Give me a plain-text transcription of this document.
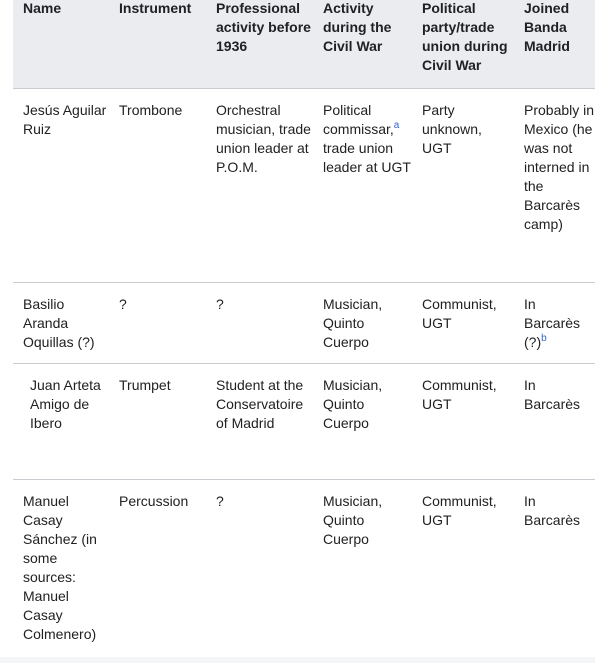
Name	Instrument	Professional activity before 1936	Activity during the Civil War	Political party/trade union during Civil War	Joined Banda Madrid
Jesús Aguilar Ruiz	Trombone	Orchestral musician, trade union leader at P.O.M.	Political commissar,$^a$ trade union leader at UGT	Party unknown, UGT	Probably in Mexico (he was not interned in the Barcarès camp)
Basilio Aranda Oquillas (?)	?	?	Musician, Quinto Cuerpo	Communist, UGT	In Barcarès (?)$^b$
Juan Arteta Amigo de Ibero	Trumpet	Student at the Conservatoire of Madrid	Musician, Quinto Cuerpo	Communist, UGT	In Barcarès
Manuel Casay Sánchez (in some sources: Manuel Casay Colmenero)	Percussion	?	Musician, Quinto Cuerpo	Communist, UGT	In Barcarès
